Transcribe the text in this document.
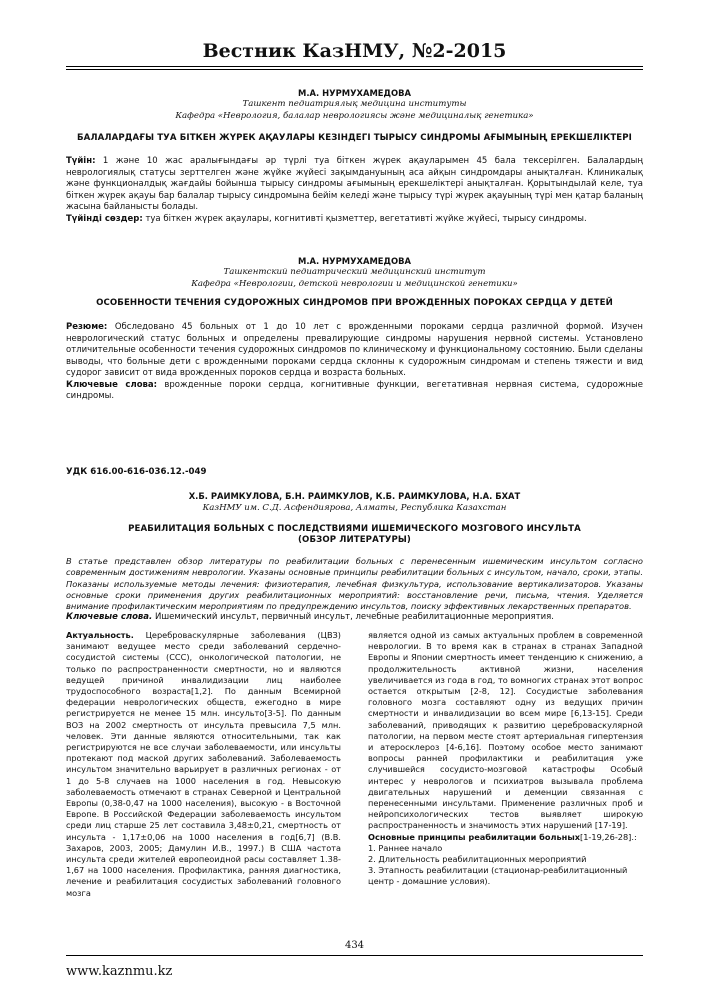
Вестник КазНМУ, №2-2015
М.А. НУРМУХАМЕДОВА
Ташкент педиатриялық медицина институты
Кафедра «Неврология, балалар неврологиясы және медициналық генетика»
БАЛАЛАРДАҒЫ ТУА БІТКЕН ЖҮРЕК АҚАУЛАРЫ КЕЗІНДЕГІ ТЫРЫСУ СИНДРОМЫ АҒЫМЫНЫҢ ЕРЕКШЕЛІКТЕРІ
Түйін: 1 және 10 жас аралығындағы әр түрлі туа біткен жүрек ақауларымен 45 бала тексерілген. Балалардың неврологиялық статусы зерттелген және жүйке жүйесі зақымдануының аса айқын синдромдары анықталған. Клиникалық және функционалдық жағдайы бойынша тырысу синдромы ағымының ерекшеліктері анықталған. Қорытындылай келе, туа біткен жүрек ақауы бар балалар тырысу синдромына бейім келеді және тырысу түрі жүрек ақауының түрі мен қатар баланың жасына байланысты болады.
Түйінді сөздер: туа біткен жүрек ақаулары, когнитивті қызметтер, вегетативті жүйке жүйесі, тырысу синдромы.
М.А. НУРМУХАМЕДОВА
Ташкентский педиатрический медицинский институт
Кафедра «Неврологии, детской неврологии и медицинской генетики»
ОСОБЕННОСТИ ТЕЧЕНИЯ СУДОРОЖНЫХ СИНДРОМОВ ПРИ ВРОЖДЕННЫХ ПОРОКАХ СЕРДЦА У ДЕТЕЙ
Резюме: Обследовано 45 больных от 1 до 10 лет с врожденными пороками сердца различной формой. Изучен неврологический статус больных и определены превалирующие синдромы нарушения нервной системы. Установлено отличительные особенности течения судорожных синдромов по клиническому и функциональному состоянию. Были сделаны выводы, что больные дети с врожденными пороками сердца склонны к судорожным синдромам и степень тяжести и вид судорог зависит от вида врожденных пороков сердца и возраста больных.
Ключевые слова: врожденные пороки сердца, когнитивные функции, вегетативная нервная система, судорожные синдромы.
УДК 616.00-616-036.12.-049
Х.Б. РАИМКУЛОВА, Б.Н. РАИМКУЛОВ, К.Б. РАИМКУЛОВА, Н.А. БХАТ
КазНМУ им. С.Д. Асфендиярова, Алматы, Республика Казахстан
РЕАБИЛИТАЦИЯ БОЛЬНЫХ С ПОСЛЕДСТВИЯМИ ИШЕМИЧЕСКОГО МОЗГОВОГО ИНСУЛЬТА
(ОБЗОР ЛИТЕРАТУРЫ)
В статье представлен обзор литературы по реабилитации больных с перенесенным ишемическим инсультом согласно современным достижениям неврологии. Указаны основные принципы реабилитации больных с инсультом, начало, сроки, этапы. Показаны используемые методы лечения: физиотерапия, лечебная физкультура, использование вертикализаторов. Указаны основные сроки применения других реабилитационных мероприятий: восстановление речи, письма, чтения. Уделяется внимание профилактическим мероприятиям по предупреждению инсультов, поиску эффективных лекарственных препаратов.
Ключевые слова. Ишемический инсульт, первичный инсульт, лечебные реабилитационные мероприятия.

Актуальность. Цереброваскулярные заболевания (ЦВЗ) занимают ведущее место среди заболеваний сердечно-сосудистой системы (ССС), онкологической патологии, не только по распространенности смертности, но и являются ведущей причиной инвалидизации лиц наиболее трудоспособного возраста[1,2]. По данным Всемирной федерации неврологических обществ, ежегодно в мире регистрируется не менее 15 млн. инсульто[3-5]. По данным ВОЗ на 2002 смертность от инсульта превысила 7,5 млн. человек. Эти данные являются относительными, так как регистрируются не все случаи заболеваемости, или инсульты протекают под маской других заболеваний. Заболеваемость инсультом значительно варьирует в различных регионах - от 1 до 5-8 случаев на 1000 населения в год. Невысокую заболеваемость отмечают в странах Северной и Центральной Европы (0,38-0,47 на 1000 населения), высокую - в Восточной Европе. В Российской Федерации заболеваемость инсультом среди лиц старше 25 лет составила 3,48±0,21, смертность от инсульта - 1,17±0,06 на 1000 населения в год[6,7] (В.В. Захаров, 2003, 2005; Дамулин И.В., 1997.) В США частота инсульта среди жителей европеоидной расы составляет 1.38-1,67 на 1000 населения. Профилактика, ранняя диагностика, лечение и реабилитация сосудистых заболеваний головного мозга

является одной из самых актуальных проблем в современной неврологии. В то время как в странах в странах Западной Европы и Японии смертность имеет тенденцию к снижению, а продолжительность активной жизни, населения увеличивается из года в год, то вомногих странах этот вопрос остается открытым [2-8, 12]. Сосудистые заболевания головного мозга составляют одну из ведущих причин смертности и инвалидизации во всем мире [6,13-15]. Среди заболеваний, приводящих к развитию цереброваскулярной патологии, на первом месте стоят артериальная гипертензия и атеросклероз [4-6,16]. Поэтому особое место занимают вопросы ранней профилактики и реабилитация уже случившейся сосудисто-мозговой катастрофы Особый интерес у неврологов и психиатров вызывала проблема двигательных нарушений и деменции связанная с перенесенными инсультами. Применение различных проб и нейропсихологических тестов выявляет широкую распространенность и значимость этих нарушений [17-19].

Основные принципы реабилитации больных[1-19,26-28].:

1. Раннее начало
2. Длительность реабилитационных мероприятий
3. Этапность реабилитации (стационар-реабилитационный центр - домашние условия).
434
www.kaznmu.kz
